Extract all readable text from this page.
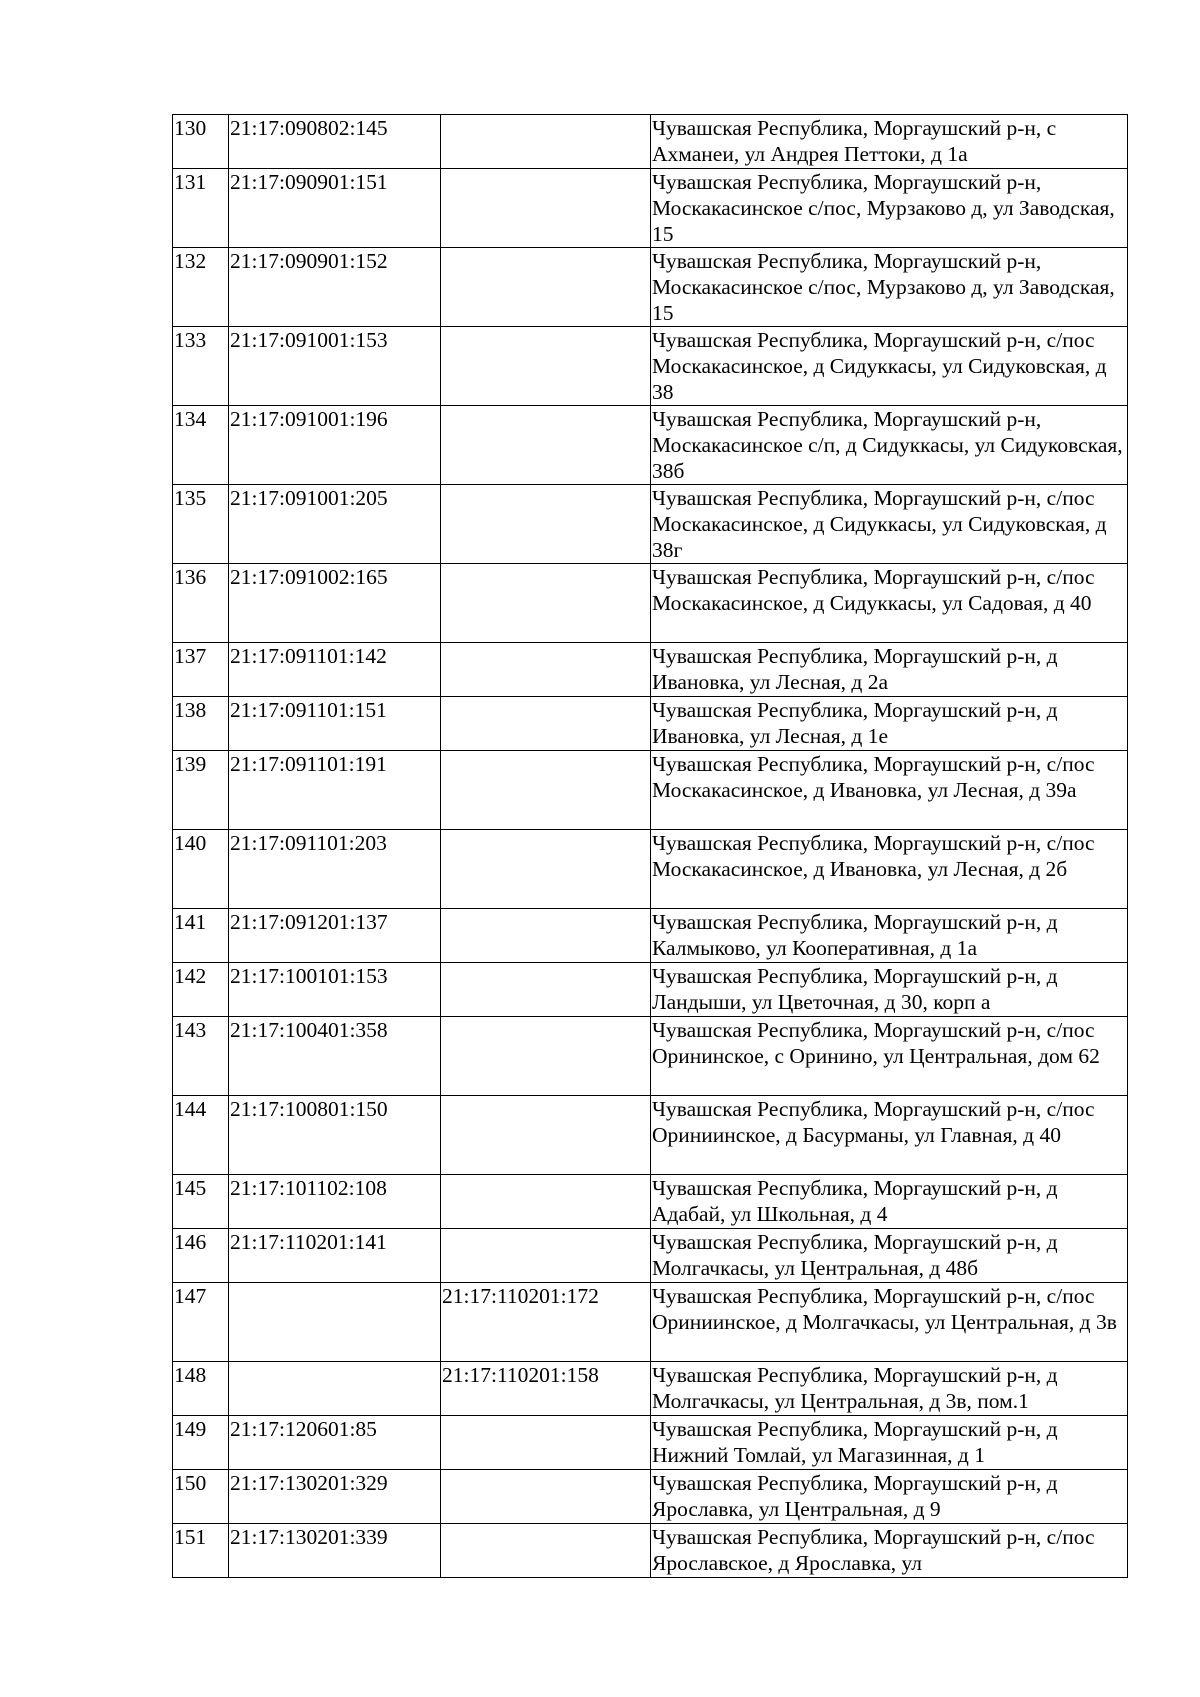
130	21:17:090802:145		Чувашская Республика, Моргаушский р-н, с Ахманеи, ул Андрея Петтоки, д 1а
131	21:17:090901:151		Чувашская Республика, Моргаушский р-н, Москакасинское с/пос, Мурзаково д, ул Заводская, 15
132	21:17:090901:152		Чувашская Республика, Моргаушский р-н, Москакасинское с/пос, Мурзаково д, ул Заводская, 15
133	21:17:091001:153		Чувашская Республика, Моргаушский р-н, с/пос Москакасинское, д Сидуккасы, ул Сидуковская, д 38
134	21:17:091001:196		Чувашская Республика, Моргаушский р-н, Москакасинское с/п, д Сидуккасы, ул Сидуковская, 38б
135	21:17:091001:205		Чувашская Республика, Моргаушский р-н, с/пос Москакасинское, д Сидуккасы, ул Сидуковская, д 38г
136	21:17:091002:165		Чувашская Республика, Моргаушский р-н, с/пос Москакасинское, д Сидуккасы, ул Садовая, д 40
137	21:17:091101:142		Чувашская Республика, Моргаушский р-н, д Ивановка, ул Лесная, д 2а
138	21:17:091101:151		Чувашская Республика, Моргаушский р-н, д Ивановка, ул Лесная, д 1е
139	21:17:091101:191		Чувашская Республика, Моргаушский р-н, с/пос Москакасинское, д Ивановка, ул Лесная, д 39а
140	21:17:091101:203		Чувашская Республика, Моргаушский р-н, с/пос Москакасинское, д Ивановка, ул Лесная, д 2б
141	21:17:091201:137		Чувашская Республика, Моргаушский р-н, д Калмыково, ул Кооперативная, д 1а
142	21:17:100101:153		Чувашская Республика, Моргаушский р-н, д Ландыши, ул Цветочная, д 30, корп а
143	21:17:100401:358		Чувашская Республика, Моргаушский р-н, с/пос Орининское, с Оринино, ул Центральная, дом 62
144	21:17:100801:150		Чувашская Республика, Моргаушский р-н, с/пос Ориниинское, д Басурманы, ул Главная, д 40
145	21:17:101102:108		Чувашская Республика, Моргаушский р-н, д Адабай, ул Школьная, д 4
146	21:17:110201:141		Чувашская Республика, Моргаушский р-н, д Молгачкасы, ул Центральная, д 48б
147		21:17:110201:172	Чувашская Республика, Моргаушский р-н, с/пос Ориниинское, д Молгачкасы, ул Центральная, д 3в
148		21:17:110201:158	Чувашская Республика, Моргаушский р-н, д Молгачкасы, ул Центральная, д 3в, пом.1
149	21:17:120601:85		Чувашская Республика, Моргаушский р-н, д Нижний Томлай, ул Магазинная, д 1
150	21:17:130201:329		Чувашская Республика, Моргаушский р-н, д Ярославка, ул Центральная, д 9
151	21:17:130201:339		Чувашская Республика, Моргаушский р-н, с/пос Ярославское, д Ярославка, ул
